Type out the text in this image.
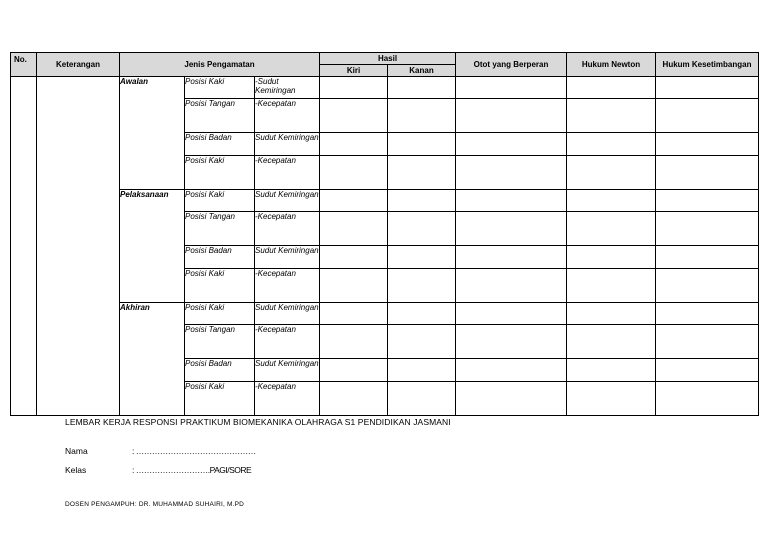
No.	Keterangan	Jenis Pengamatan			Hasil		Otot yang Berperan	Hukum Newton	Hukum Kesetimbangan
					Kiri	Kanan			
		Awalan	Posisi Kaki	-Sudut Kemiringan					
			Posisi Tangan	-Kecepatan					
			Posisi Badan	Sudut Kemiringan					
			Posisi Kaki	-Kecepatan					
		Pelaksanaan	Posisi Kaki	Sudut Kemiringan					
			Posisi Tangan	-Kecepatan					
			Posisi Badan	Sudut Kemiringan					
			Posisi Kaki	-Kecepatan					
		Akhiran	Posisi Kaki	Sudut Kemiringan					
			Posisi Tangan	-Kecepatan					
			Posisi Badan	Sudut Kemiringan					
			Posisi Kaki	-Kecepatan					
LEMBAR KERJA RESPONSI PRAKTIKUM BIOMEKANIKA OLAHRAGA S1 PENDIDIKAN JASMANI
Nama	: ………………………………………
Kelas	: ……………………….PAGI/SORE
DOSEN PENGAMPUH: DR. MUHAMMAD SUHAIRI, M.PD
